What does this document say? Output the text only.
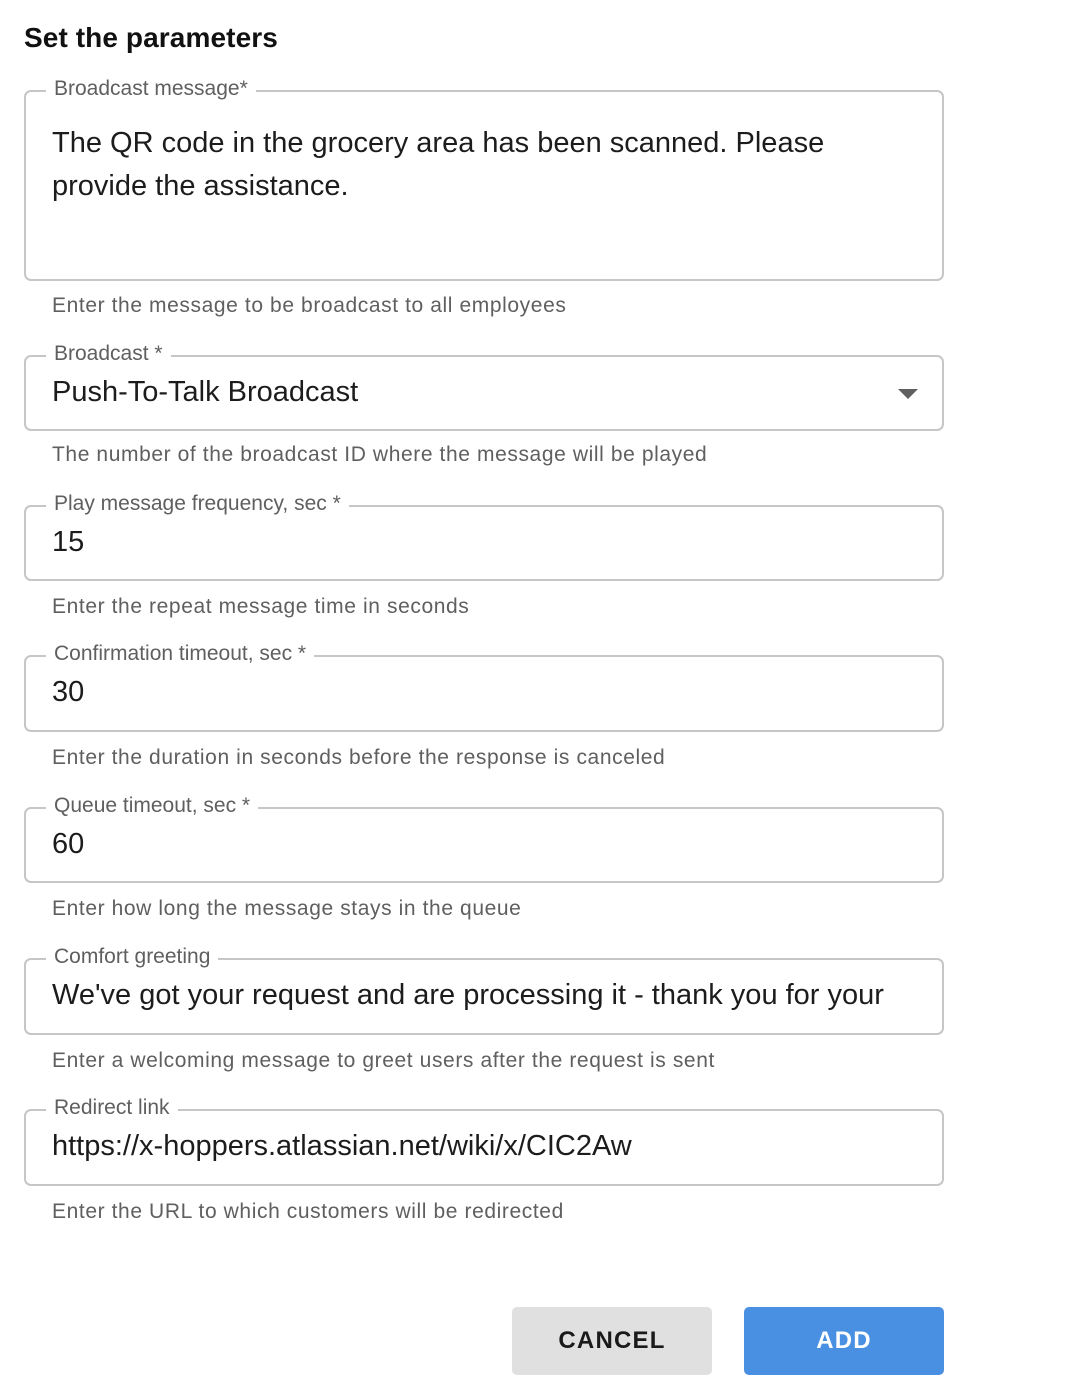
Set the parameters
Broadcast message*
The QR code in the grocery area has been scanned. Please provide the assistance.
Enter the message to be broadcast to all employees
Broadcast *
Push-To-Talk Broadcast
The number of the broadcast ID where the message will be played
Play message frequency, sec *
15
Enter the repeat message time in seconds
Confirmation timeout, sec *
30
Enter the duration in seconds before the response is canceled
Queue timeout, sec *
60
Enter how long the message stays in the queue
Comfort greeting
We've got your request and are processing it - thank you for your
Enter a welcoming message to greet users after the request is sent
Redirect link
https://x-hoppers.atlassian.net/wiki/x/CIC2Aw
Enter the URL to which customers will be redirected
CANCEL	ADD
